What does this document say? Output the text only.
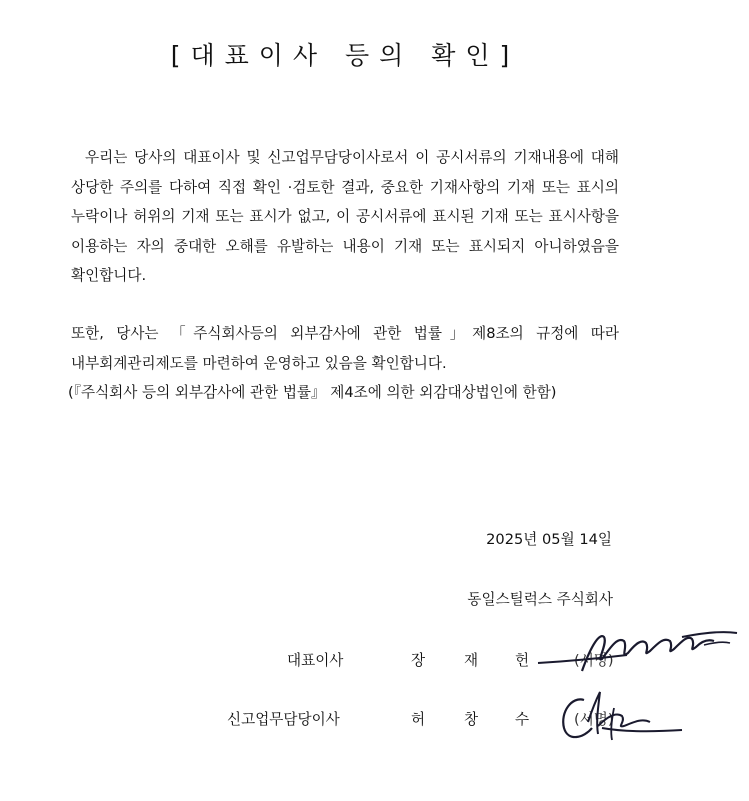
[대표이사 등의 확인]
우리는 당사의 대표이사 및 신고업무담당이사로서 이 공시서류의 기재내용에 대해 상당한 주의를 다하여 직접 확인 ·검토한 결과, 중요한 기재사항의 기재 또는 표시의 누락이나 허위의 기재 또는 표시가 없고, 이 공시서류에 표시된 기재 또는 표시사항을 이용하는 자의 중대한 오해를 유발하는 내용이 기재 또는 표시되지 아니하였음을 확인합니다.
또한, 당사는 「주식회사등의 외부감사에 관한 법률」제8조의 규정에 따라 내부회계관리제도를 마련하여 운영하고 있음을 확인합니다.
(『주식회사 등의 외부감사에 관한 법률』 제4조에 의한 외감대상법인에 한함)
2025년 05월 14일
동일스틸럭스 주식회사
대표이사	장	재	헌	(서명)
신고업무담당이사	허	창	수	(서명)
